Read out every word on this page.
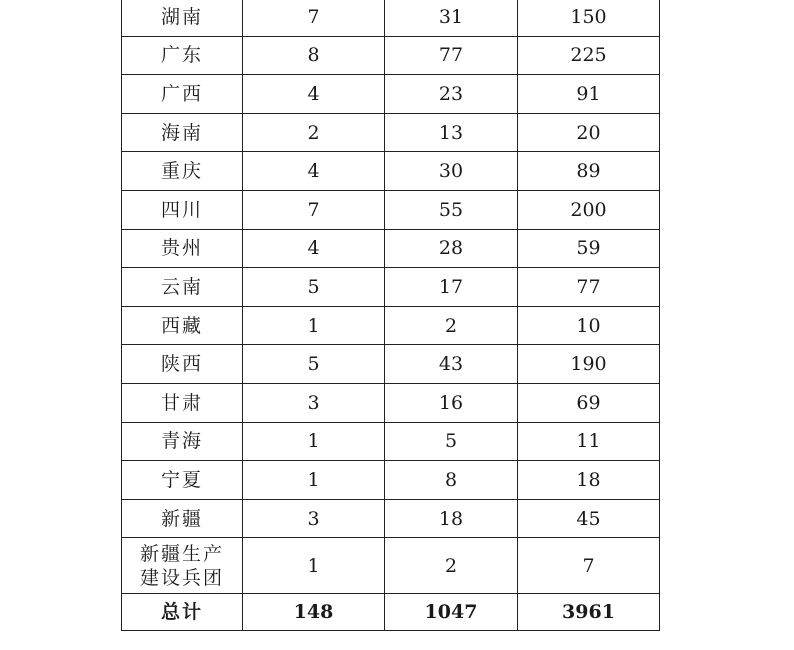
湖南	7	31	150
广东	8	77	225
广西	4	23	91
海南	2	13	20
重庆	4	30	89
四川	7	55	200
贵州	4	28	59
云南	5	17	77
西藏	1	2	10
陕西	5	43	190
甘肃	3	16	69
青海	1	5	11
宁夏	1	8	18
新疆	3	18	45

新疆生产
建设兵团	1	2	7
总计	148	1047	3961
